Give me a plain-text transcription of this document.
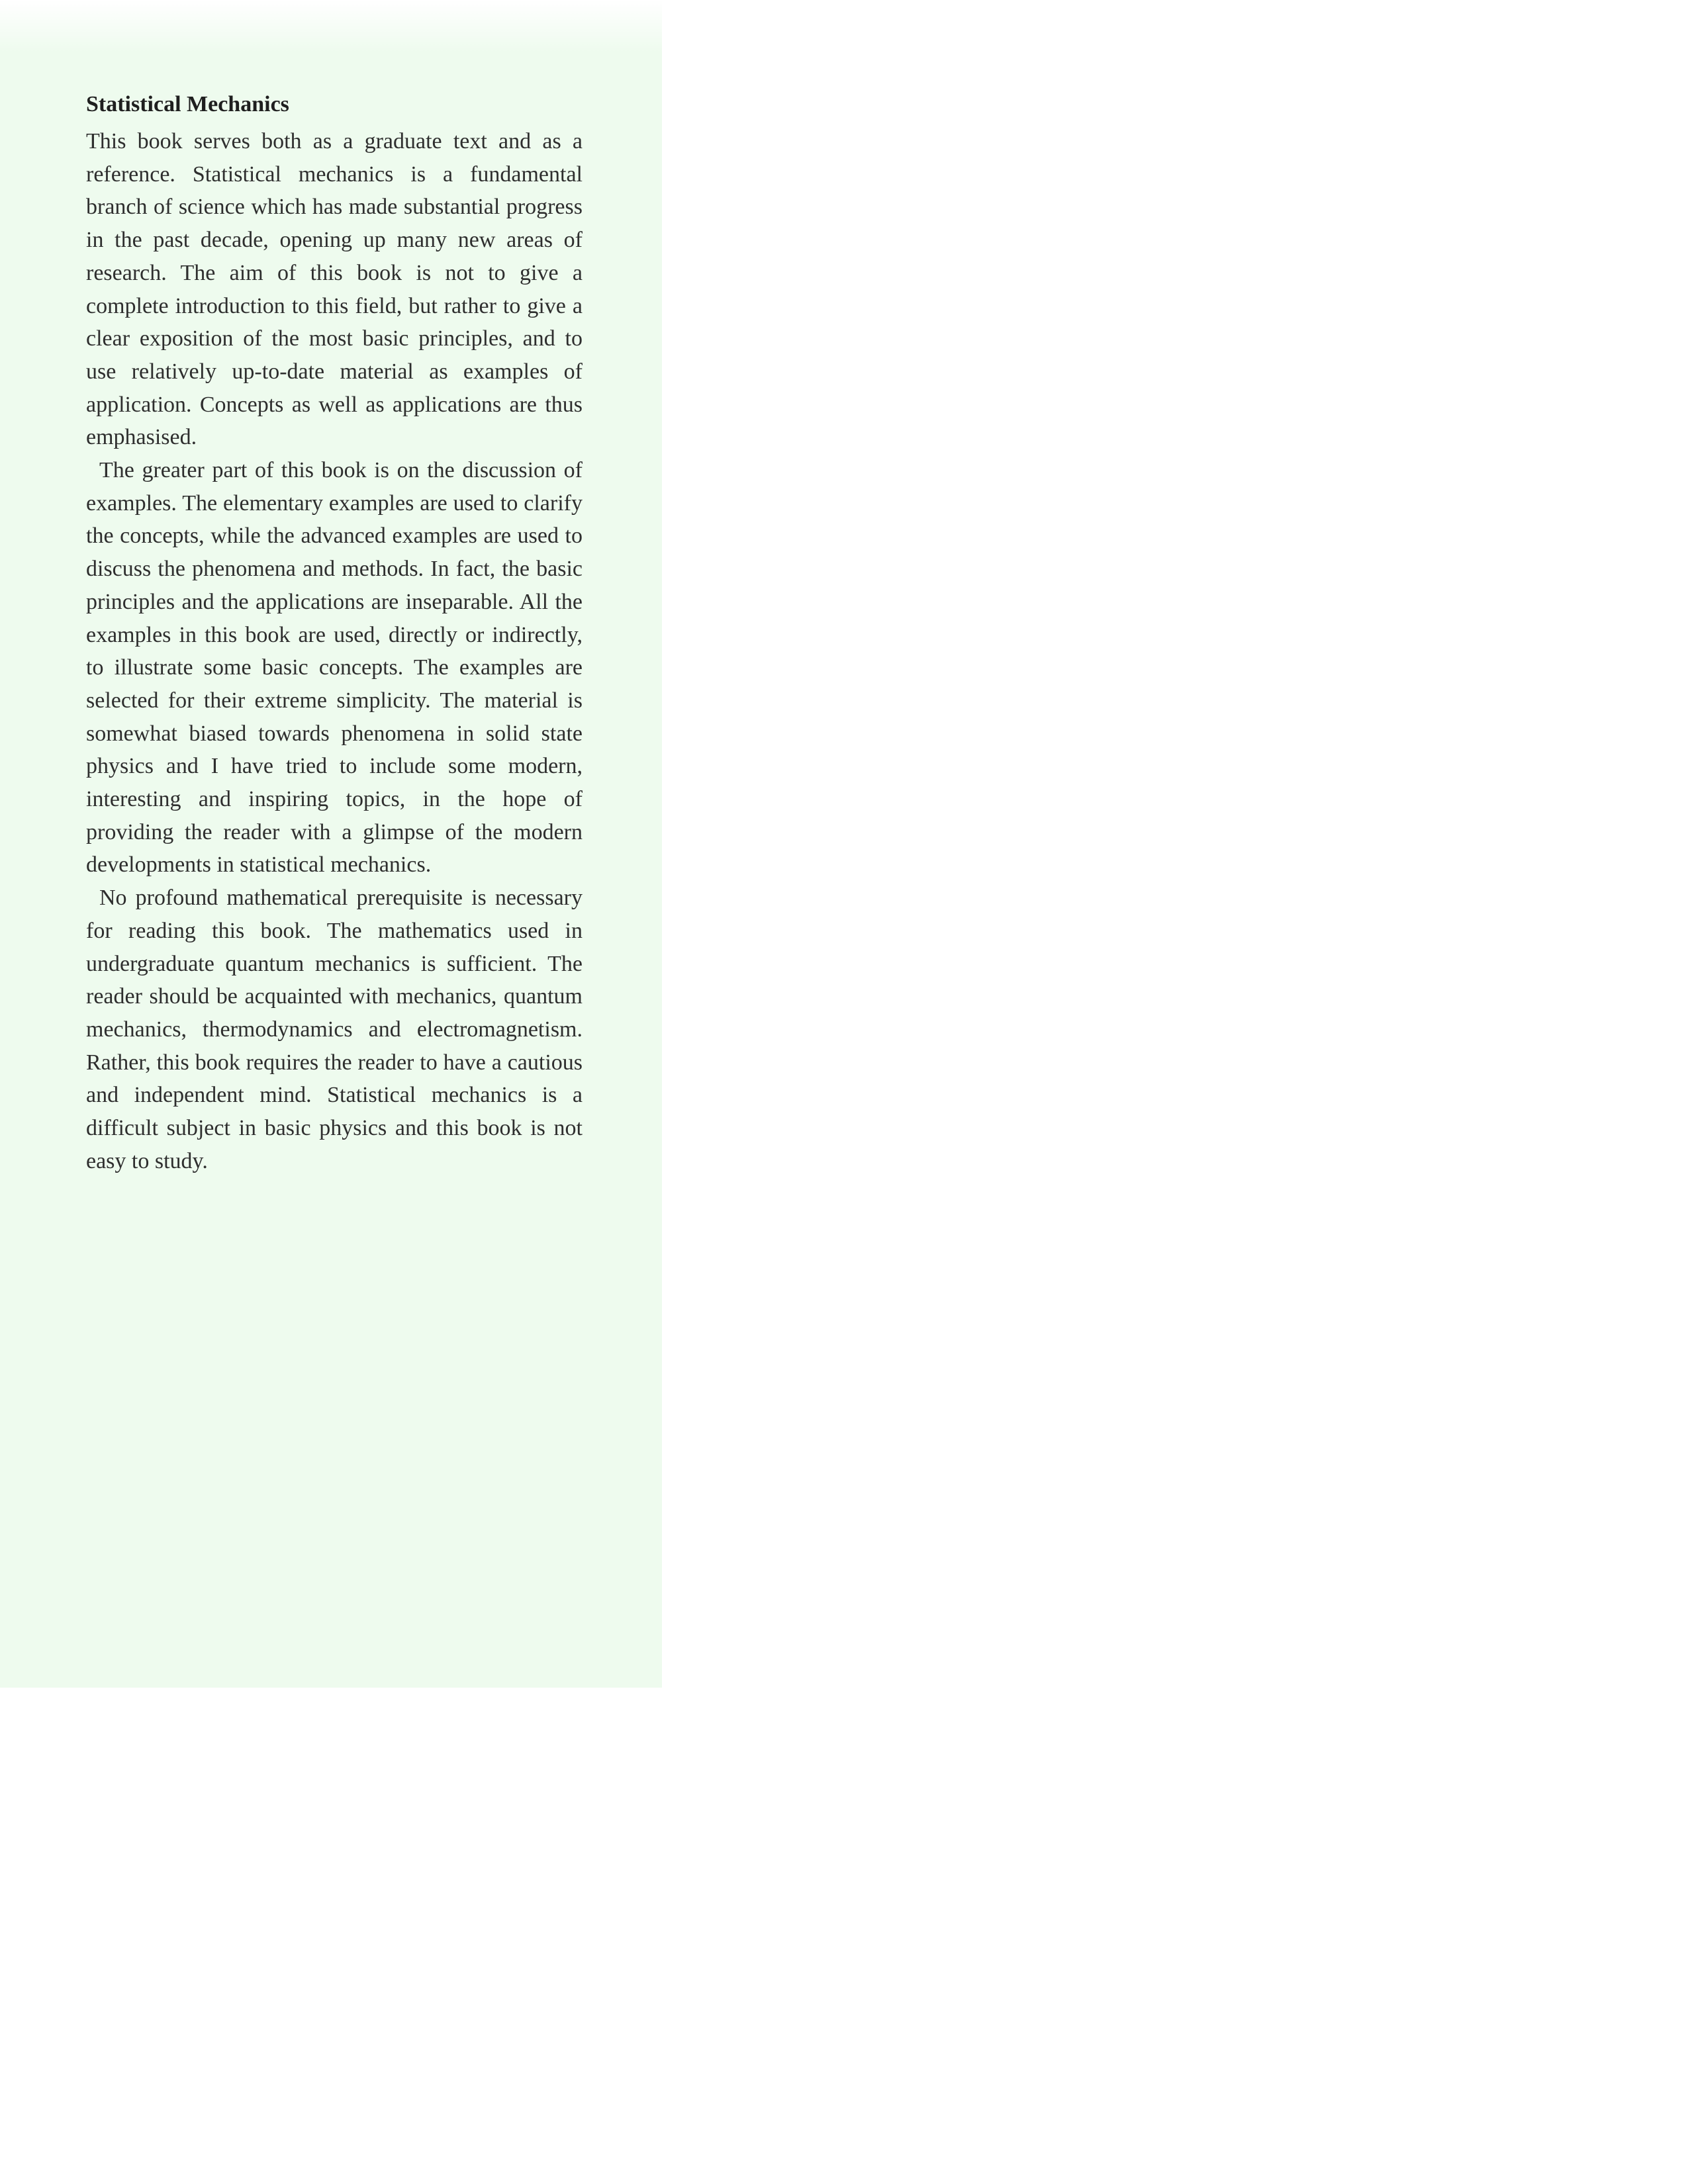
Statistical Mechanics

This book serves both as a graduate text and as a reference. Statistical mechanics is a fundamental branch of science which has made substantial progress in the past decade, opening up many new areas of research. The aim of this book is not to give a complete introduction to this field, but rather to give a clear exposition of the most basic principles, and to use relatively up-to-date material as examples of application. Concepts as well as applications are thus emphasised.

The greater part of this book is on the discussion of examples. The elementary examples are used to clarify the concepts, while the advanced examples are used to discuss the phenomena and methods. In fact, the basic principles and the applications are inseparable. All the examples in this book are used, directly or indirectly, to illustrate some basic concepts. The examples are selected for their extreme simplicity. The material is somewhat biased towards phenomena in solid state physics and I have tried to include some modern, interesting and inspiring topics, in the hope of providing the reader with a glimpse of the modern developments in statistical mechanics.

No profound mathematical prerequisite is necessary for reading this book. The mathematics used in undergraduate quantum mechanics is sufficient. The reader should be acquainted with mechanics, quantum mechanics, thermodynamics and electromagnetism. Rather, this book requires the reader to have a cautious and independent mind. Statistical mechanics is a difficult subject in basic physics and this book is not easy to study.
